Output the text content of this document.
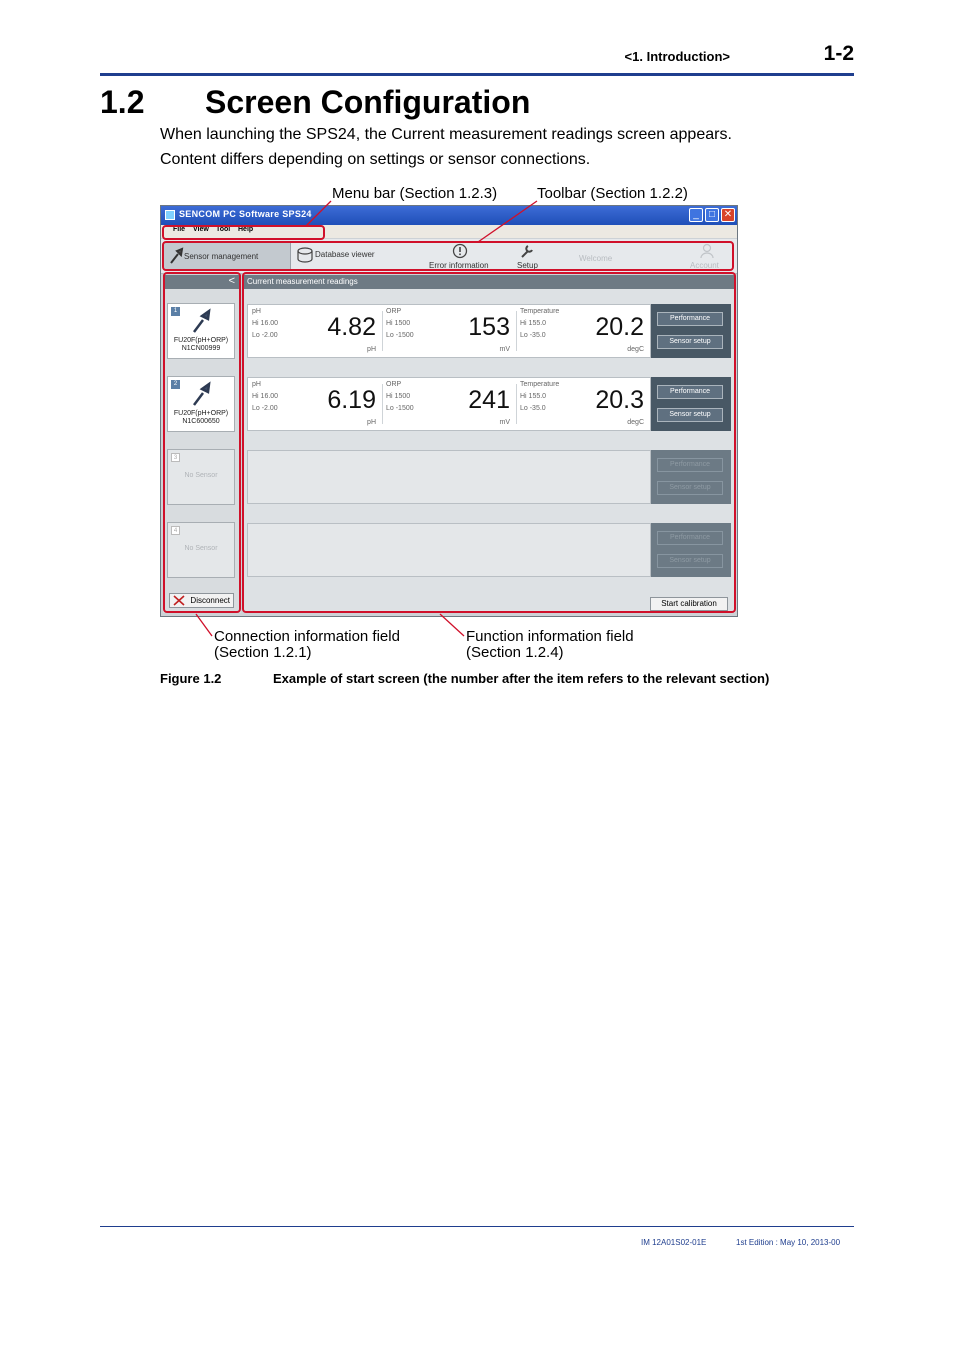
<1. Introduction>	1-2
1.2 Screen Configuration
When launching the SPS24, the Current measurement readings screen appears.
Content differs depending on settings or sensor connections.
Menu bar (Section 1.2.3)	Toolbar (Section 1.2.2)
SENCOM PC Software SPS24	_	□ ✕
File View Tool Help
Sensor management	Database viewer
Error information	Setup
Welcome
Account
<
1
FU20F(pH+ORP)
N1CN00999
2
FU20F(pH+ORP)
N1C600650
3
No Sensor
4
No Sensor
Disconnect
Current measurement readings
pH
Hi 16.00
Lo -2.00 4.82
pH
ORP
Hi 1500
Lo -1500 153
mV
Temperature
Hi 155.0
Lo -35.0 20.2
degC
Performance
Sensor setup
pH
Hi 16.00
Lo -2.00 6.19
pH
ORP
Hi 1500
Lo -1500 241
mV
Temperature
Hi 155.0
Lo -35.0 20.3
degC
Performance
Sensor setup
Performance
Sensor setup
Performance
Sensor setup
Start calibration
Connection information field
(Section 1.2.1)
Function information field
(Section 1.2.4)
Figure 1.2	Example of start screen (the number after the item refers to the relevant section)
IM 12A01S02-01E	1st Edition : May 10, 2013-00
